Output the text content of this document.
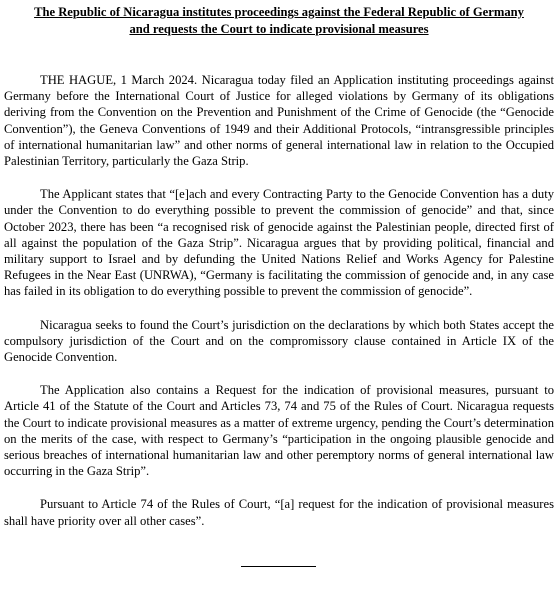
The Republic of Nicaragua institutes proceedings against the Federal Republic of Germany
and requests the Court to indicate provisional measures

THE HAGUE, 1 March 2024. Nicaragua today filed an Application instituting proceedings against Germany before the International Court of Justice for alleged violations by Germany of its obligations deriving from the Convention on the Prevention and Punishment of the Crime of Genocide (the “Genocide Convention”), the Geneva Conventions of 1949 and their Additional Protocols, “intransgressible principles of international humanitarian law” and other norms of general international law in relation to the Occupied Palestinian Territory, particularly the Gaza Strip.

The Applicant states that “[e]ach and every Contracting Party to the Genocide Convention has a duty under the Convention to do everything possible to prevent the commission of genocide” and that, since October 2023, there has been “a recognised risk of genocide against the Palestinian people, directed first of all against the population of the Gaza Strip”. Nicaragua argues that by providing political, financial and military support to Israel and by defunding the United Nations Relief and Works Agency for Palestine Refugees in the Near East (UNRWA), “Germany is facilitating the commission of genocide and, in any case has failed in its obligation to do everything possible to prevent the commission of genocide”.

Nicaragua seeks to found the Court’s jurisdiction on the declarations by which both States accept the compulsory jurisdiction of the Court and on the compromissory clause contained in Article IX of the Genocide Convention.

The Application also contains a Request for the indication of provisional measures, pursuant to Article 41 of the Statute of the Court and Articles 73, 74 and 75 of the Rules of Court. Nicaragua requests the Court to indicate provisional measures as a matter of extreme urgency, pending the Court’s determination on the merits of the case, with respect to Germany’s “participation in the ongoing plausible genocide and serious breaches of international humanitarian law and other peremptory norms of general international law occurring in the Gaza Strip”.

Pursuant to Article 74 of the Rules of Court, “[a] request for the indication of provisional measures shall have priority over all other cases”.
